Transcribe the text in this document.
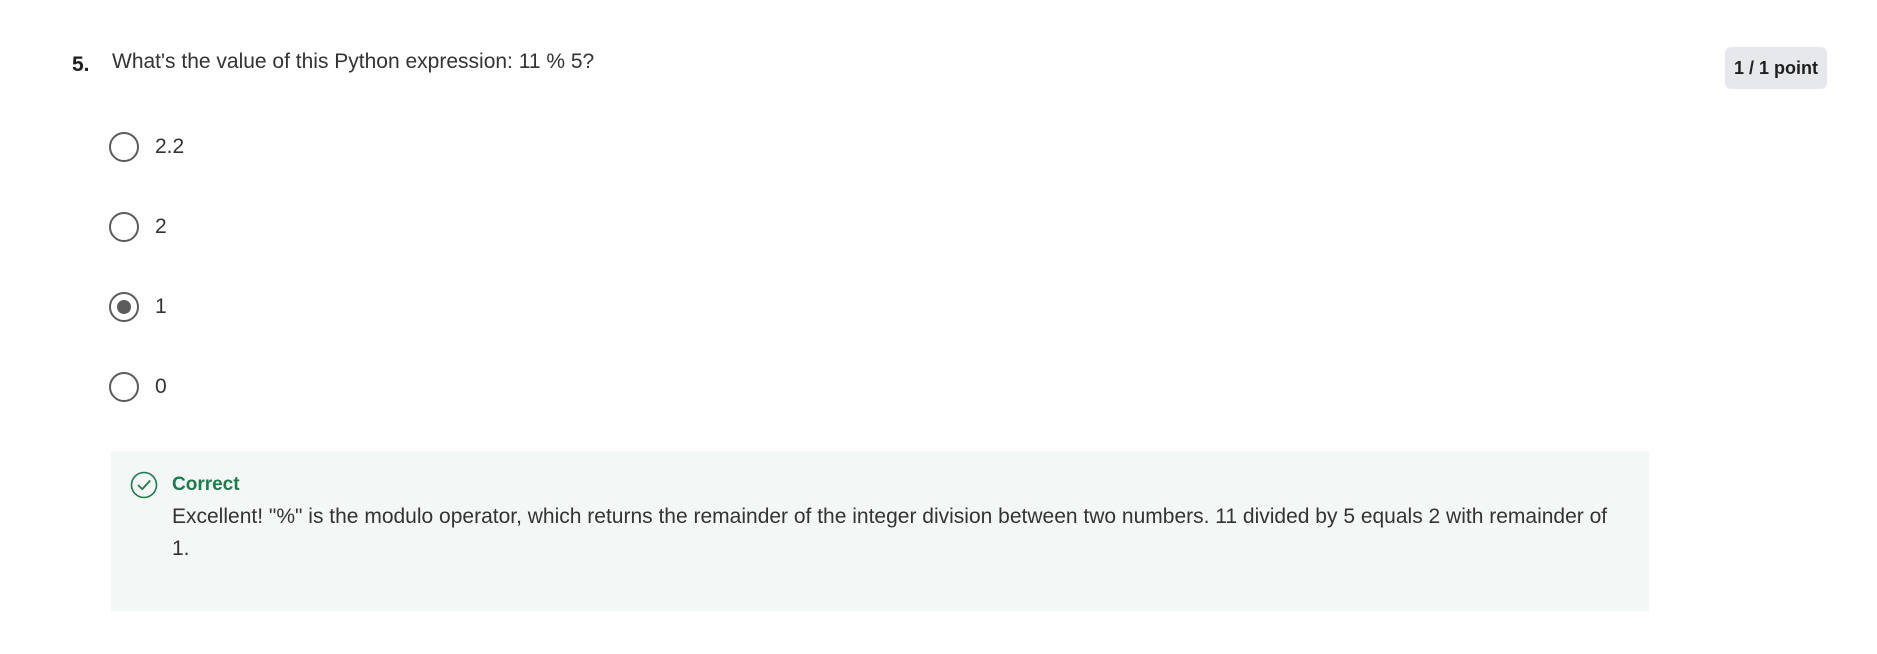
5. What's the value of this Python expression: 11 % 5?	1 / 1 point
2.2
2
1
0
Correct
Excellent! "%" is the modulo operator, which returns the remainder of the integer division between two numbers. 11 divided by 5 equals 2 with remainder of 1.
